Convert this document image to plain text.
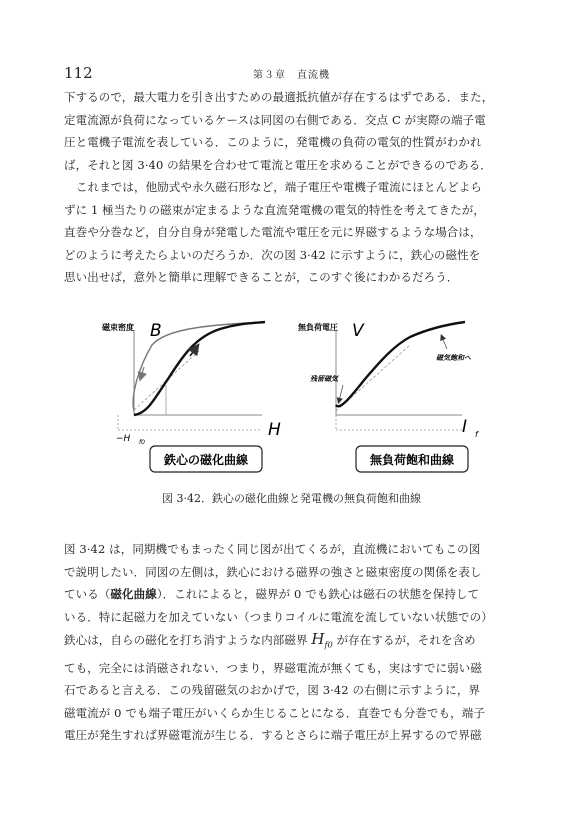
112	第３章　直流機
下するので，最大電力を引き出すための最適抵抗値が存在するはずである．また，
定電流源が負荷になっているケースは同図の右側である．交点 C が実際の端子電
圧と電機子電流を表している．このように，発電機の負荷の電気的性質がわかれ
ば，それと図 3·40 の結果を合わせて電流と電圧を求めることができるのである．
これまでは，他励式や永久磁石形など，端子電圧や電機子電流にほとんどよら
ずに 1 極当たりの磁束が定まるような直流発電機の電気的特性を考えてきたが，
直巻や分巻など，自分自身が発電した電流や電圧を元に界磁するような場合は，
どのように考えたらよいのだろうか．次の図 3·42 に示すように，鉄心の磁性を
思い出せば，意外と簡単に理解できることが，このすぐ後にわかるだろう．
磁束密度 B
H
−H f0
鉄心の磁化曲線
無負荷電圧 V
I f
残留磁気
磁気飽和へ
無負荷飽和曲線
図 3·42．鉄心の磁化曲線と発電機の無負荷飽和曲線
図 3·42 は，同期機でもまったく同じ図が出てくるが，直流機においてもこの図
で説明したい．同図の左側は，鉄心における磁界の強さと磁束密度の関係を表し
ている（磁化曲線）．これによると，磁界が 0 でも鉄心は磁石の状態を保持して
いる．特に起磁力を加えていない（つまりコイルに電流を流していない状態での）
鉄心は，自らの磁化を打ち消すような内部磁界 $H_{f0}$ が存在するが，それを含め
ても，完全には消磁されない．つまり，界磁電流が無くても，実はすでに弱い磁
石であると言える．この残留磁気のおかげで，図 3·42 の右側に示すように，界
磁電流が 0 でも端子電圧がいくらか生じることになる．直巻でも分巻でも，端子
電圧が発生すれば界磁電流が生じる．するとさらに端子電圧が上昇するので界磁
